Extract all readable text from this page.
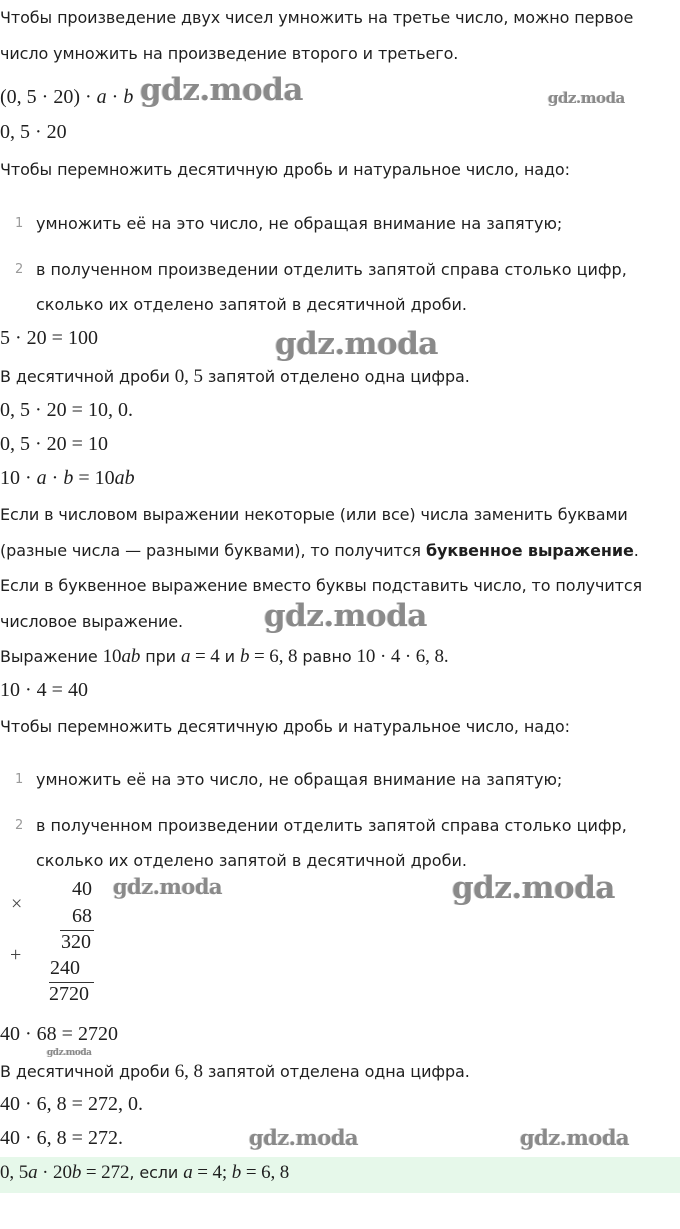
Чтобы произведение двух чисел умножить на третье число, можно первое
число умножить на произведение второго и третьего.
(0, 5 · 20) · a · b gdz.moda	gdz.moda
0, 5 · 20
Чтобы перемножить десятичную дробь и натуральное число, надо:
1 умножить её на это число, не обращая внимание на запятую;
2 в полученном произведении отделить запятой справа столько цифр,
сколько их отделено запятой в десятичной дроби.
5 · 20 = 100	gdz.moda
В десятичной дроби 0, 5 запятой отделено одна цифра.
0, 5 · 20 = 10, 0.
0, 5 · 20 = 10
10 · a · b = 10ab
Если в числовом выражении некоторые (или все) числа заменить буквами
(разные числа — разными буквами), то получится буквенное выражение.
Если в буквенное выражение вместо буквы подставить число, то получится
числовое выражение.	gdz.moda
Выражение 10ab при a = 4 и b = 6, 8 равно 10 · 4 · 6, 8.
10 · 4 = 40
Чтобы перемножить десятичную дробь и натуральное число, надо:
1 умножить её на это число, не обращая внимание на запятую;
2 в полученном произведении отделить запятой справа столько цифр,
сколько их отделено запятой в десятичной дроби.
×
+
40
68
320
240
2720
gdz.moda	gdz.moda
40 · 68 = 2720
gdz.moda
В десятичной дроби 6, 8 запятой отделена одна цифра.
40 · 6, 8 = 272, 0.
40 · 6, 8 = 272.	gdz.moda	gdz.moda
0, 5a · 20b = 272, если a = 4; b = 6, 8
